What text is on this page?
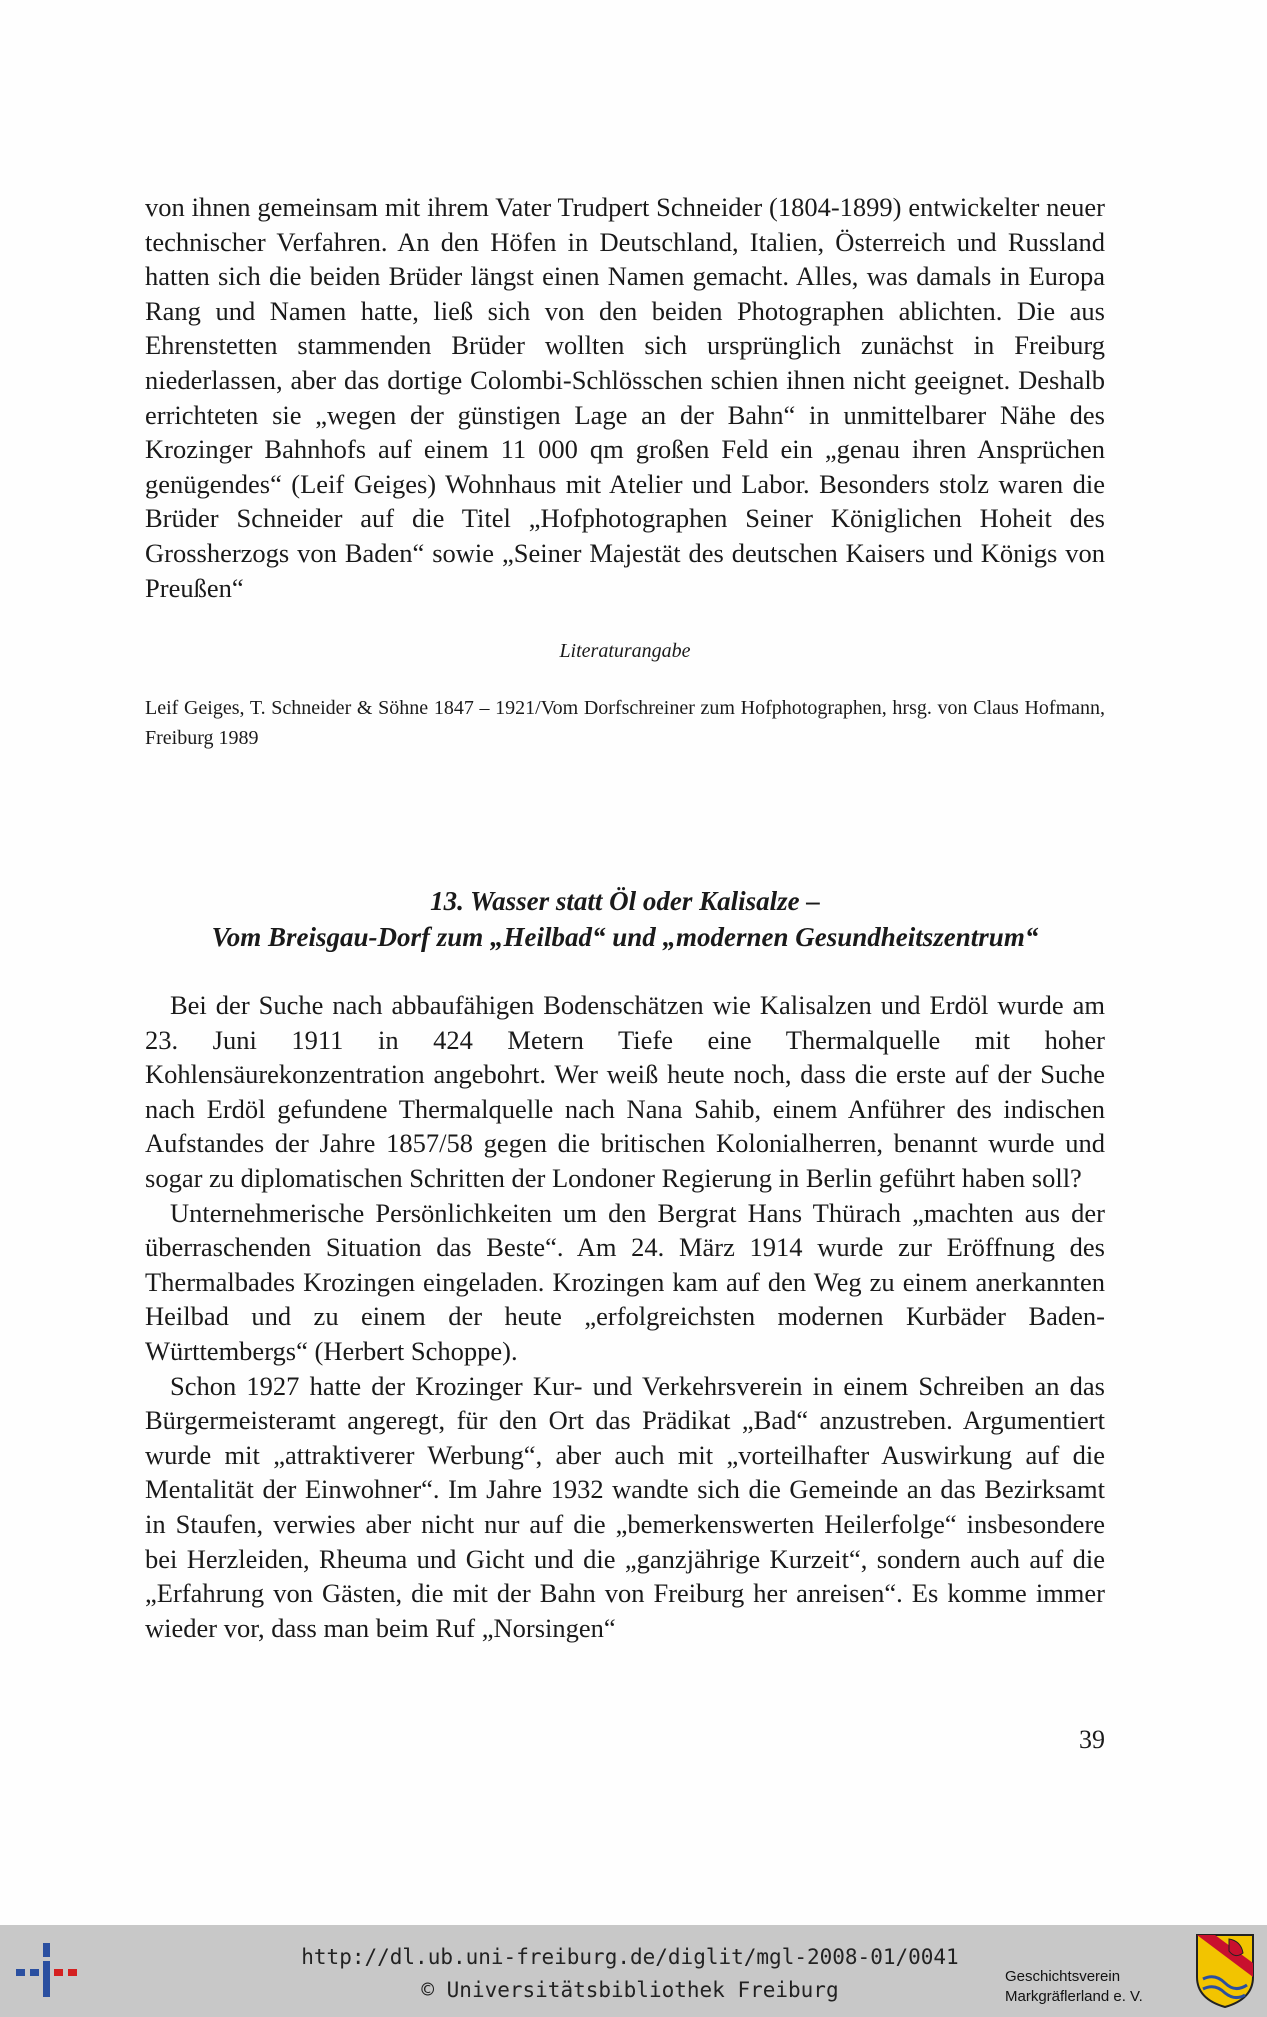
von ihnen gemeinsam mit ihrem Vater Trudpert Schneider (1804-1899) entwickelter neuer technischer Verfahren. An den Höfen in Deutschland, Italien, Österreich und Russland hatten sich die beiden Brüder längst einen Namen gemacht. Alles, was damals in Europa Rang und Namen hatte, ließ sich von den beiden Photographen ablichten. Die aus Ehrenstetten stammenden Brüder wollten sich ursprünglich zunächst in Freiburg niederlassen, aber das dortige Colombi-Schlösschen schien ihnen nicht geeignet. Deshalb errichteten sie „wegen der günstigen Lage an der Bahn“ in unmittelbarer Nähe des Krozinger Bahnhofs auf einem 11 000 qm großen Feld ein „genau ihren Ansprüchen genügendes“ (Leif Geiges) Wohnhaus mit Atelier und Labor. Besonders stolz waren die Brüder Schneider auf die Titel „Hofphotographen Seiner Königlichen Hoheit des Grossherzogs von Baden“ sowie „Seiner Majestät des deutschen Kaisers und Königs von Preußen“

Literaturangabe
Leif Geiges, T. Schneider & Söhne 1847 – 1921/Vom Dorfschreiner zum Hofphotographen, hrsg. von Claus Hofmann, Freiburg 1989
13. Wasser statt Öl oder Kalisalze –
Vom Breisgau-Dorf zum „Heilbad“ und „modernen Gesundheitszentrum“

Bei der Suche nach abbaufähigen Bodenschätzen wie Kalisalzen und Erdöl wurde am 23. Juni 1911 in 424 Metern Tiefe eine Thermalquelle mit hoher Kohlensäurekonzentration angebohrt. Wer weiß heute noch, dass die erste auf der Suche nach Erdöl gefundene Thermalquelle nach Nana Sahib, einem Anführer des indischen Aufstandes der Jahre 1857/58 gegen die britischen Kolonialherren, benannt wurde und sogar zu diplomatischen Schritten der Londoner Regierung in Berlin geführt haben soll?

Unternehmerische Persönlichkeiten um den Bergrat Hans Thürach „machten aus der überraschenden Situation das Beste“. Am 24. März 1914 wurde zur Eröffnung des Thermalbades Krozingen eingeladen. Krozingen kam auf den Weg zu einem anerkannten Heilbad und zu einem der heute „erfolgreichsten modernen Kurbäder Baden-Württembergs“ (Herbert Schoppe).

Schon 1927 hatte der Krozinger Kur- und Verkehrsverein in einem Schreiben an das Bürgermeisteramt angeregt, für den Ort das Prädikat „Bad“ anzustreben. Argumentiert wurde mit „attraktiverer Werbung“, aber auch mit „vorteilhafter Auswirkung auf die Mentalität der Einwohner“. Im Jahre 1932 wandte sich die Gemeinde an das Bezirksamt in Staufen, verwies aber nicht nur auf die „bemerkenswerten Heilerfolge“ insbesondere bei Herzleiden, Rheuma und Gicht und die „ganzjährige Kurzeit“, sondern auch auf die „Erfahrung von Gästen, die mit der Bahn von Freiburg her anreisen“. Es komme immer wieder vor, dass man beim Ruf „Norsingen“

39
http://dl.ub.uni-freiburg.de/diglit/mgl-2008-01/0041
© Universitätsbibliothek Freiburg
Geschichtsverein
Markgräflerland e. V.
